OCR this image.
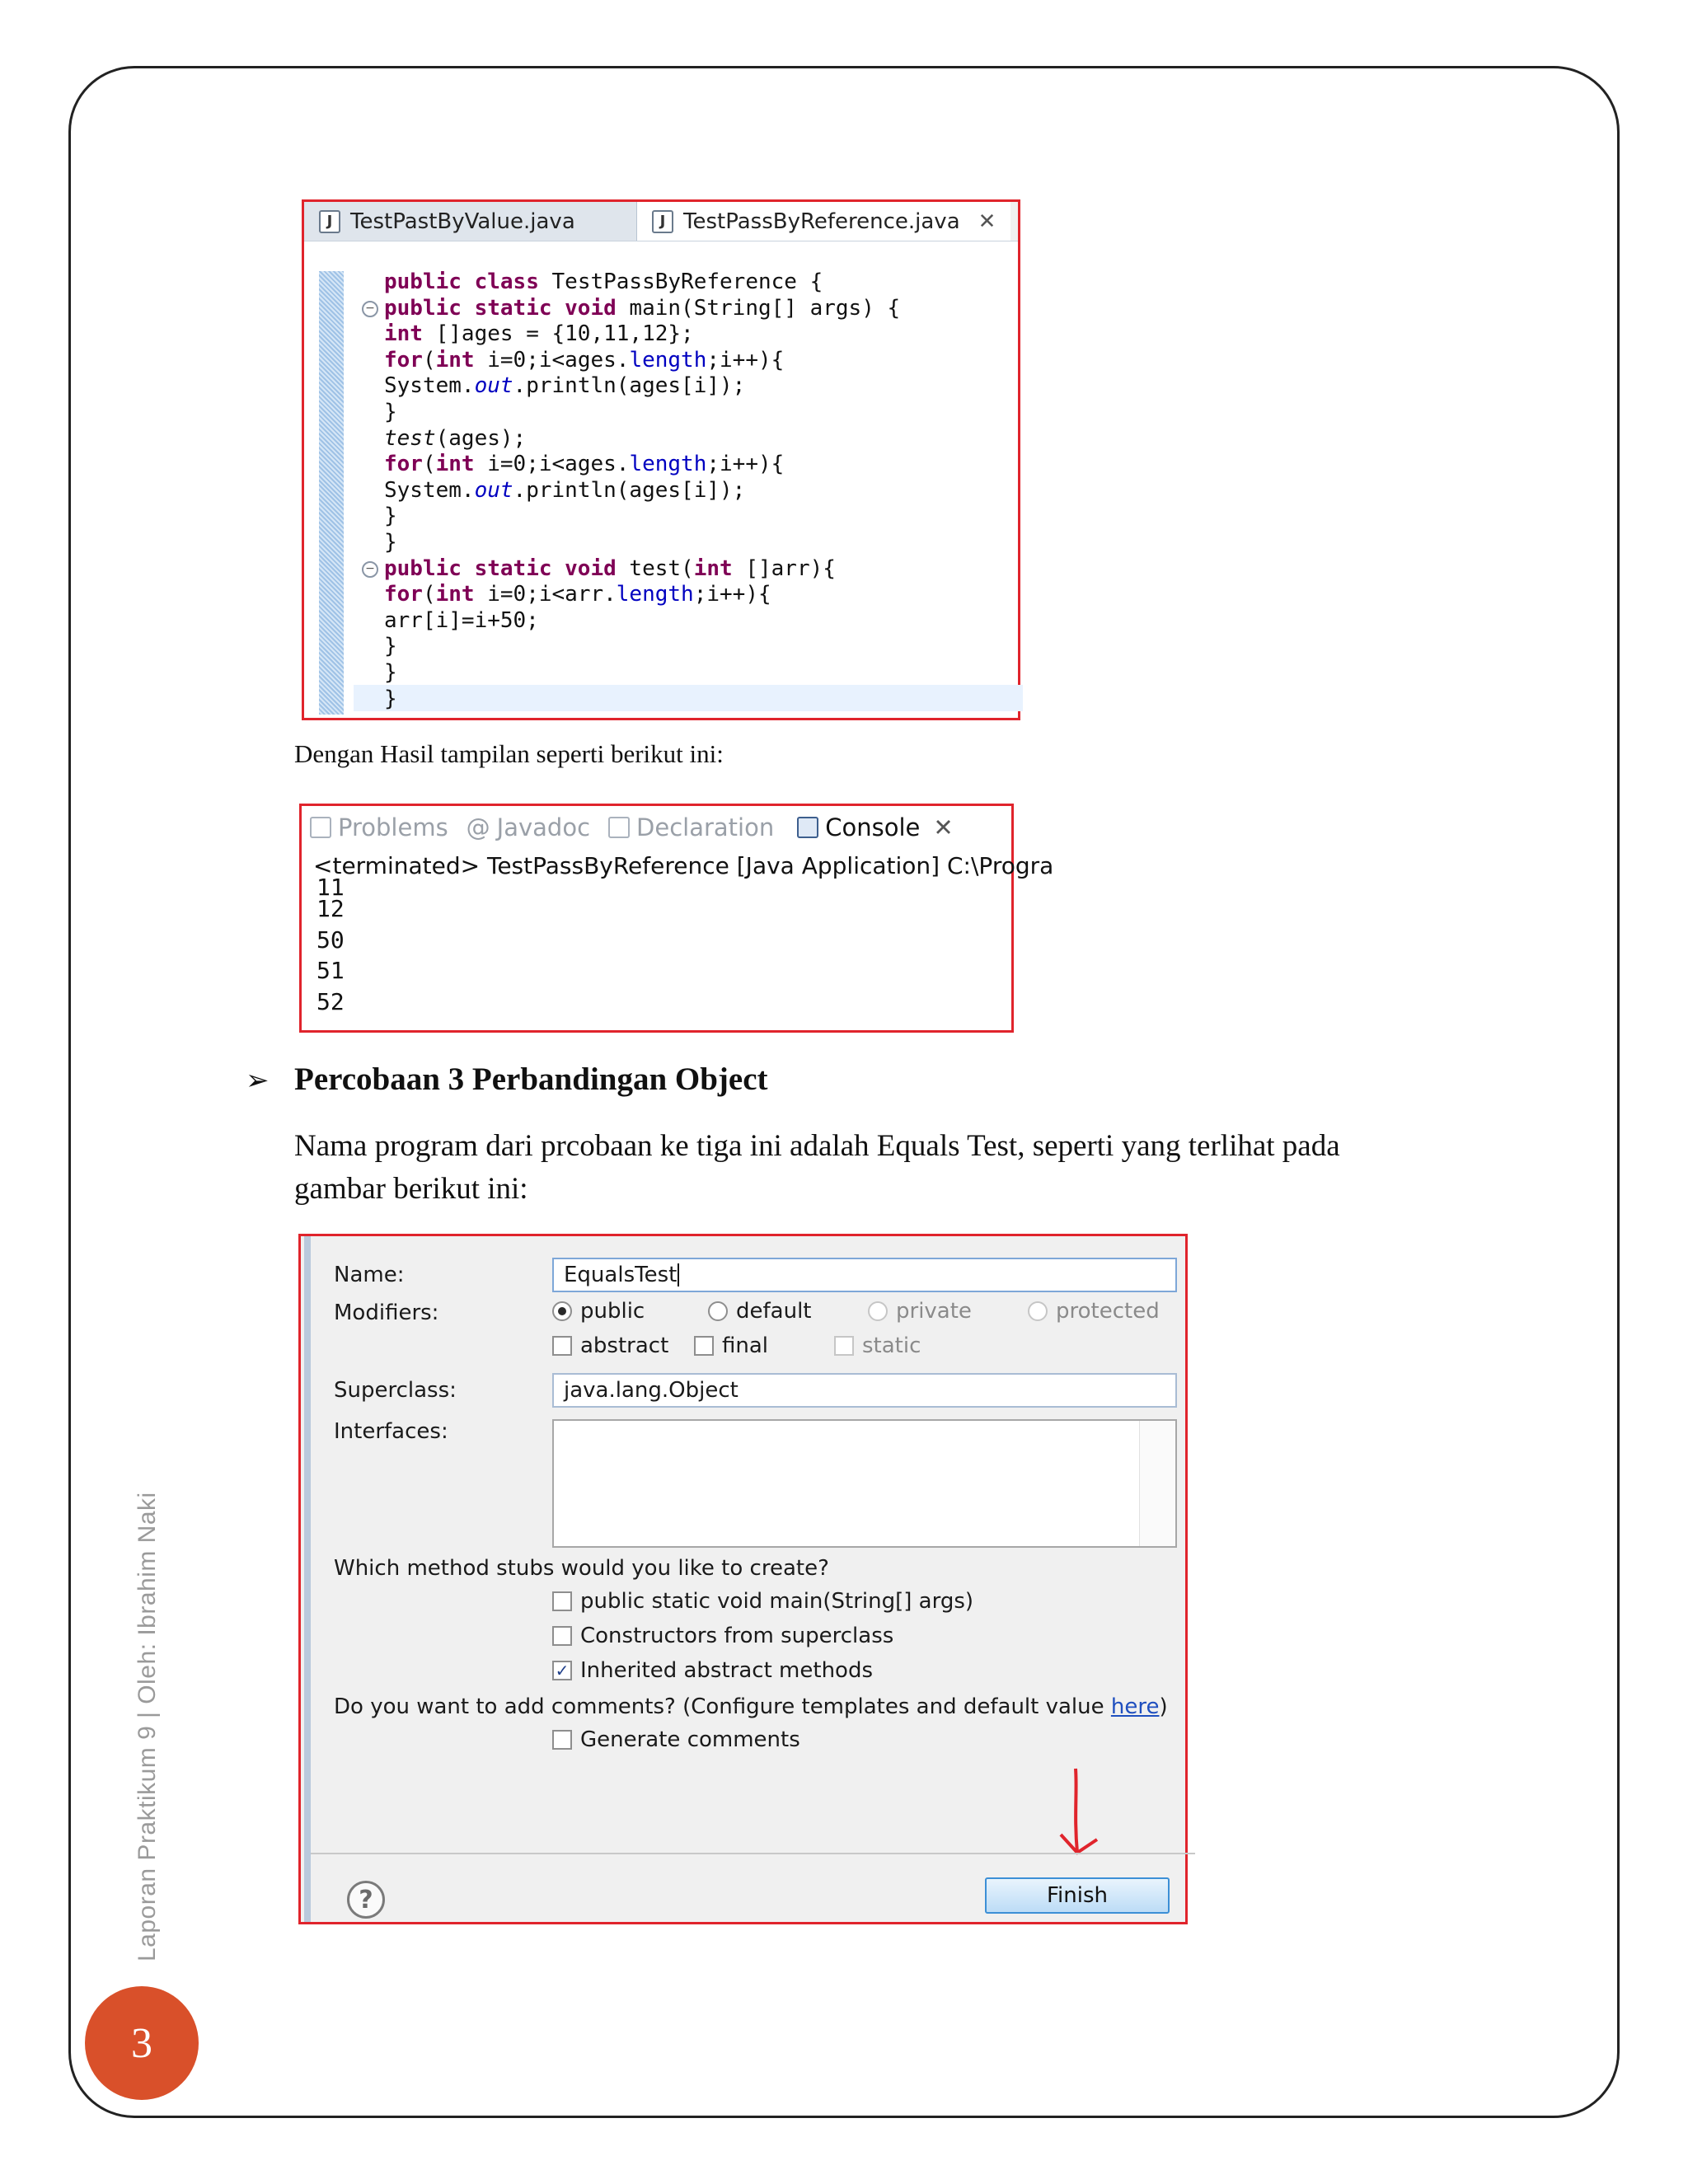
J TestPastByValue.java	J TestPassByReference.java ✕
−
−
public class TestPassByReference {
public static void main(String[] args) {
int []ages = {10,11,12};
for(int i=0;i<ages.length;i++){
System.out.println(ages[i]);
}
test(ages);
for(int i=0;i<ages.length;i++){
System.out.println(ages[i]);
}
}
public static void test(int []arr){
for(int i=0;i<arr.length;i++){
arr[i]=i+50;
}
}
}
Dengan Hasil tampilan seperti berikut ini:
Problems @ Javadoc Declaration Console ✕
<terminated> TestPassByReference [Java Application] C:\Progra
11
12
50
51
52
➢ Percobaan 3 Perbandingan Object
Nama program dari prcobaan ke tiga ini adalah Equals Test, seperti yang terlihat pada gambar berikut ini:
Name:	EqualsTest
Modifiers:	public	default	private	protected
abstract final	static
Superclass:	java.lang.Object
Interfaces:
Which method stubs would you like to create?
public static void main(String[] args)
Constructors from superclass
✓ Inherited abstract methods
Do you want to add comments? (Configure templates and default value here)
Generate comments
?	Finish
Laporan Praktikum 9 | Oleh: Ibrahim Naki
3
